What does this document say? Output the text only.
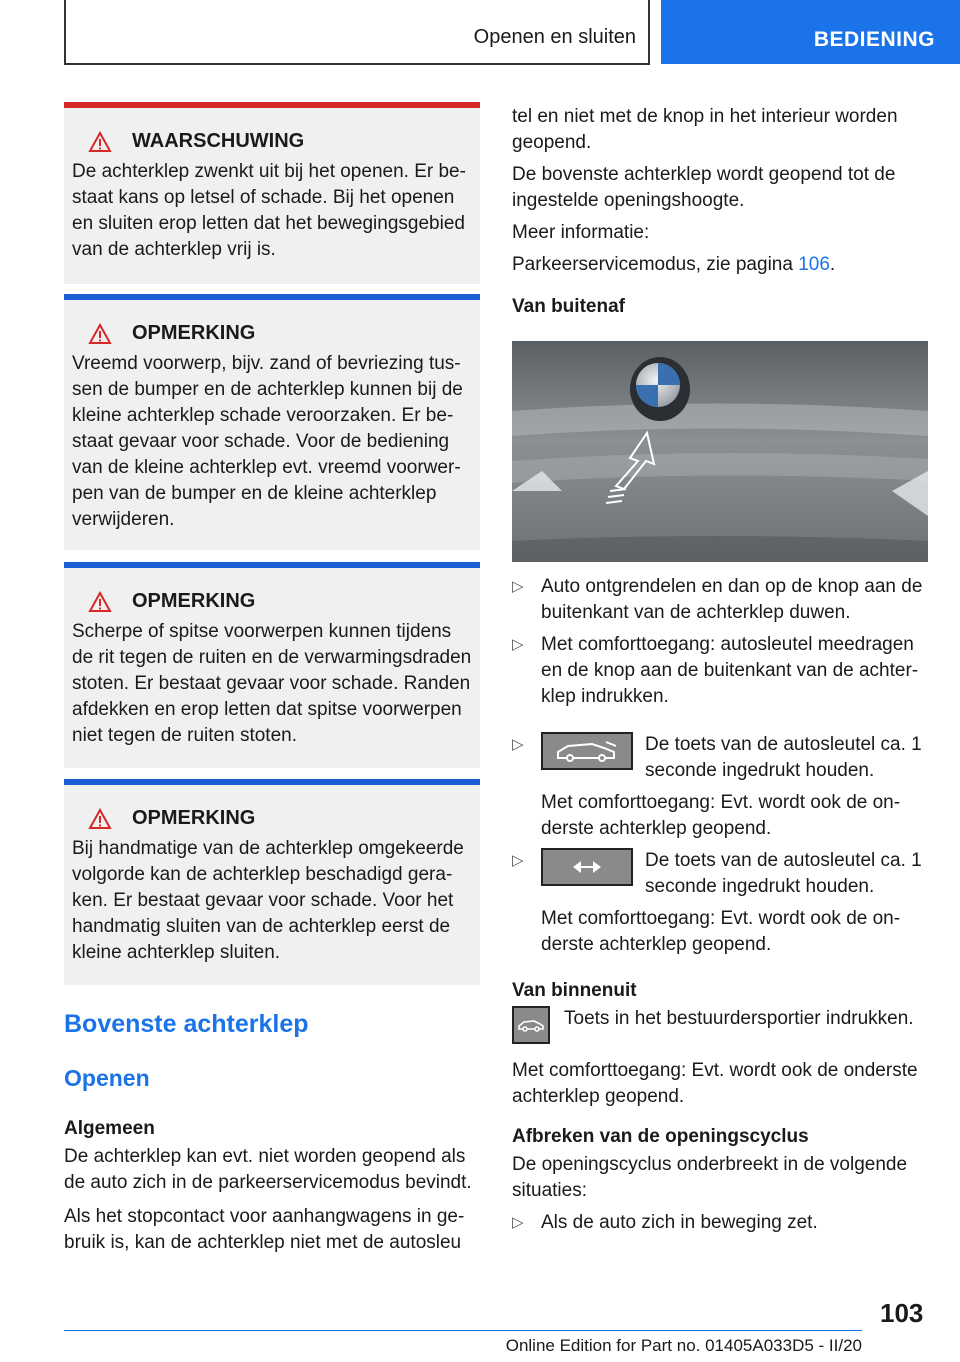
Openen en sluiten	BEDIENING
WAARSCHUWING
De achterklep zwenkt uit bij het openen. Er bestaat kans op letsel of schade. Bij het openen en sluiten erop letten dat het bewegingsgebied van de achterklep vrij is.
OPMERKING
Vreemd voorwerp, bijv. zand of bevriezing tussen de bumper en de achterklep kunnen bij de kleine achterklep schade veroorzaken. Er bestaat gevaar voor schade. Voor de bediening van de kleine achterklep evt. vreemd voorwerpen van de bumper en de kleine achterklep verwijderen.
OPMERKING
Scherpe of spitse voorwerpen kunnen tijdens de rit tegen de ruiten en de verwarmingsdraden stoten. Er bestaat gevaar voor schade. Randen afdekken en erop letten dat spitse voorwerpen niet tegen de ruiten stoten.
OPMERKING
Bij handmatige van de achterklep omgekeerde volgorde kan de achterklep beschadigd geraken. Er bestaat gevaar voor schade. Voor het handmatig sluiten van de achterklep eerst de kleine achterklep sluiten.
Bovenste achterklep
Openen
Algemeen
De achterklep kan evt. niet worden geopend als de auto zich in de parkeerservicemodus bevindt.
Als het stopcontact voor aanhangwagens in gebruik is, kan de achterklep niet met de autosleu
tel en niet met de knop in het interieur worden geopend.
De bovenste achterklep wordt geopend tot de ingestelde openingshoogte.
Meer informatie:
Parkeerservicemodus, zie pagina 106.
Van buitenaf
▷ Auto ontgrendelen en dan op de knop aan de buitenkant van de achterklep duwen.
▷ Met comforttoegang: autosleutel meedragen en de knop aan de buitenkant van de achterklep indrukken.
▷	De toets van de autosleutel ca. 1 seconde ingedrukt houden.
Met comforttoegang: Evt. wordt ook de onderste achterklep geopend.
▷	De toets van de autosleutel ca. 1 seconde ingedrukt houden.
Met comforttoegang: Evt. wordt ook de onderste achterklep geopend.
Van binnenuit
Toets in het bestuurdersportier indrukken.
Met comforttoegang: Evt. wordt ook de onderste achterklep geopend.
Afbreken van de openingscyclus
De openingscyclus onderbreekt in de volgende situaties:
▷ Als de auto zich in beweging zet.
103
Online Edition for Part no. 01405A033D5 - II/20
